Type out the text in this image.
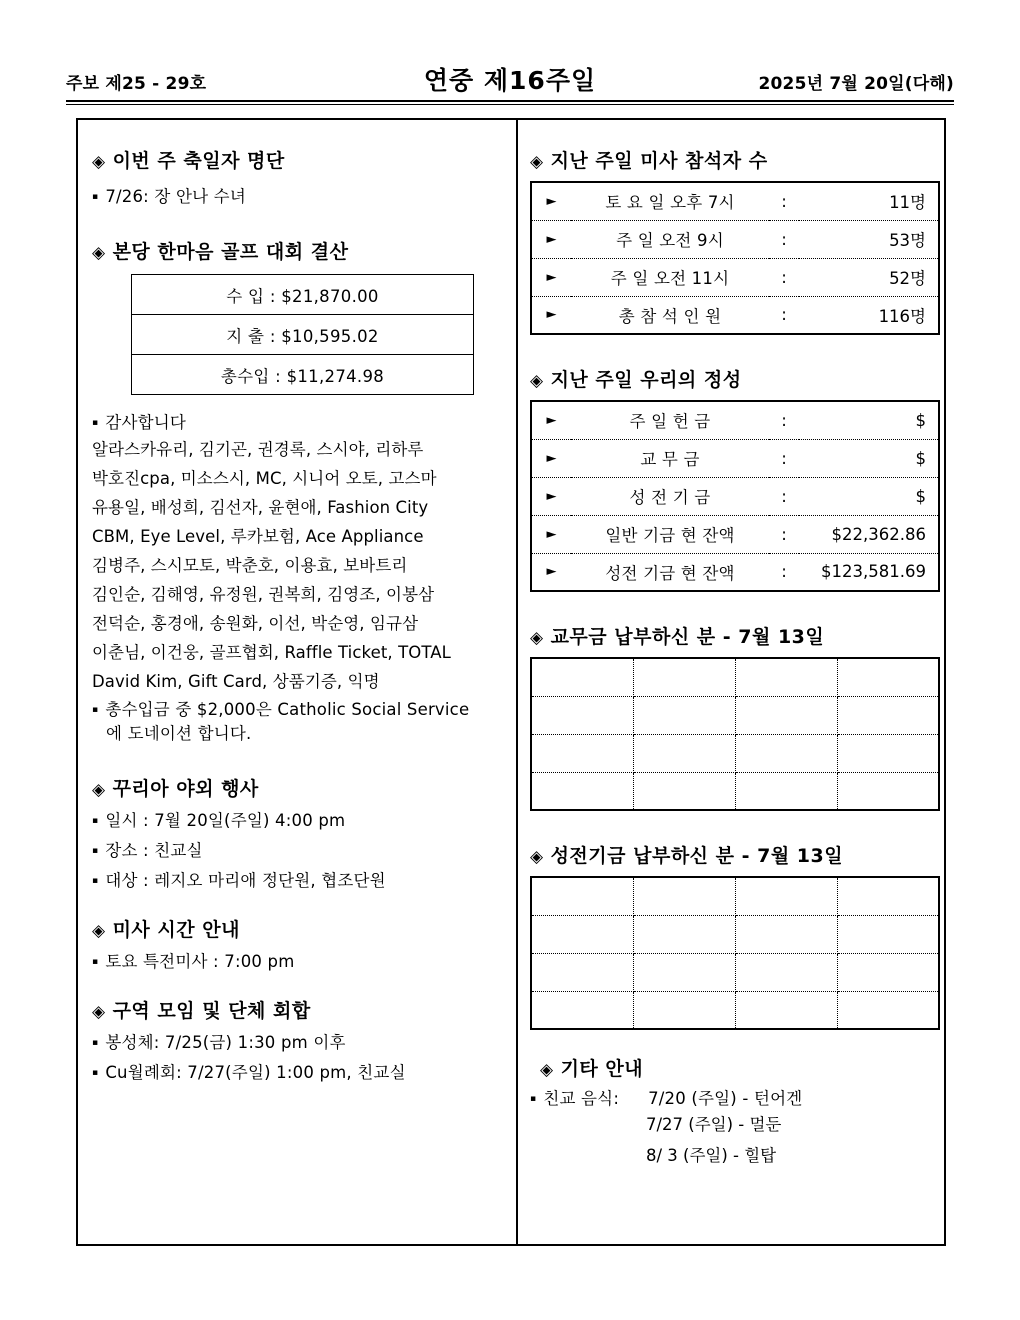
주보 제25 - 29호	연중 제16주일	2025년 7월 20일(다해)
◈ 이번 주 축일자 명단
▪ 7/26: 장 안나 수녀
◈ 본당 한마음 골프 대회 결산
수 입 : $21,870.00
지 출 : $10,595.02
총수입 : $11,274.98
▪ 감사합니다
알라스카유리, 김기곤, 권경록, 스시야, 리하루
박호진cpa, 미소스시, MC, 시니어 오토, 고스마
유용일, 배성희, 김선자, 윤현애, Fashion City
CBM, Eye Level, 루카보험, Ace Appliance
김병주, 스시모토, 박춘호, 이용효, 보바트리
김인순, 김해영, 유정원, 권복희, 김영조, 이봉삼
전덕순, 홍경애, 송원화, 이선, 박순영, 임규삼
이춘님, 이건웅, 골프협회, Raffle Ticket, TOTAL
David Kim, Gift Card, 상품기증, 익명
▪ 총수입금 중 $2,000은 Catholic Social Service
에 도네이션 합니다.
◈ 꾸리아 야외 행사
▪ 일시 : 7월 20일(주일) 4:00 pm
▪ 장소 : 친교실
▪ 대상 : 레지오 마리애 정단원, 협조단원
◈ 미사 시간 안내
▪ 토요 특전미사 : 7:00 pm
◈ 구역 모임 및 단체 회합
▪ 봉성체: 7/25(금) 1:30 pm 이후
▪ Cu월례회: 7/27(주일) 1:00 pm, 친교실
◈ 지난 주일 미사 참석자 수
►	토 요 일 오후 7시	:	11명
►	주 일 오전 9시	:	53명
►	주 일 오전 11시	:	52명
►	총 참 석 인 원	:	116명
◈ 지난 주일 우리의 정성
►	주 일 헌 금	:	$
►	교 무 금	:	$
►	성 전 기 금	:	$
►	일반 기금 현 잔액	:	$22,362.86
►	성전 기금 현 잔액	:	$123,581.69
◈ 교무금 납부하신 분 - 7월 13일

◈ 성전기금 납부하신 분 - 7월 13일

◈ 기타 안내
▪ 친교 음식:	7/20 (주일) - 턴어겐
7/27 (주일) - 멀둔
8/ 3 (주일) - 힐탑
